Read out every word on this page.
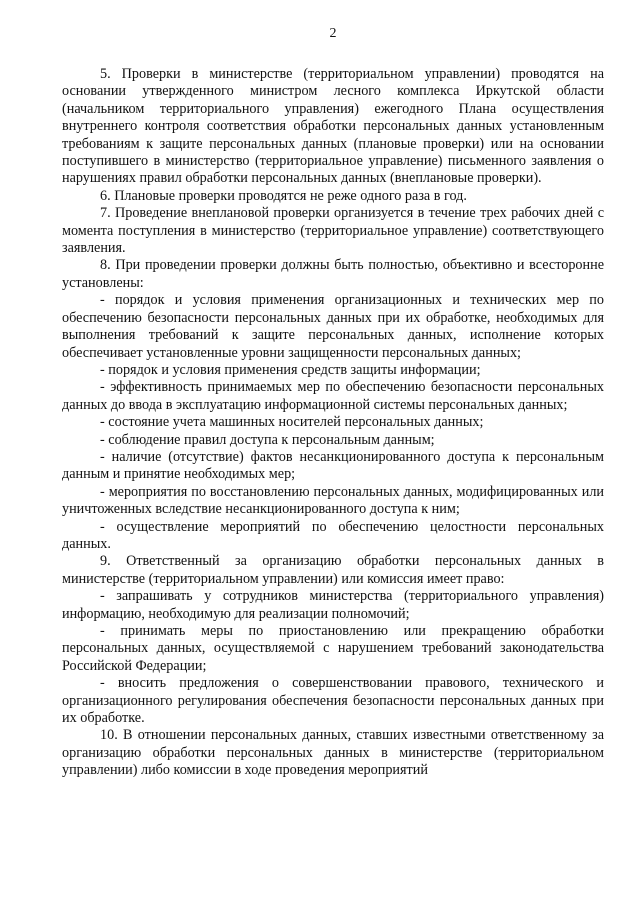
2

5. Проверки в министерстве (территориальном управлении) проводятся на основании утвержденного министром лесного комплекса Иркутской области (начальником территориального управления) ежегодного Плана осуществления внутреннего контроля соответствия обработки персональных данных установленным требованиям к защите персональных данных (плановые проверки) или на основании поступившего в министерство (территориальное управление) письменного заявления о нарушениях правил обработки персональных данных (внеплановые проверки).

6. Плановые проверки проводятся не реже одного раза в год.

7. Проведение внеплановой проверки организуется в течение трех рабочих дней с момента поступления в министерство (территориальное управление) соответствующего заявления.

8. При проведении проверки должны быть полностью, объективно и всесторонне установлены:

- порядок и условия применения организационных и технических мер по обеспечению безопасности персональных данных при их обработке, необходимых для выполнения требований к защите персональных данных, исполнение которых обеспечивает установленные уровни защищенности персональных данных;

- порядок и условия применения средств защиты информации;

- эффективность принимаемых мер по обеспечению безопасности персональных данных до ввода в эксплуатацию информационной системы персональных данных;

- состояние учета машинных носителей персональных данных;

- соблюдение правил доступа к персональным данным;

- наличие (отсутствие) фактов несанкционированного доступа к персональным данным и принятие необходимых мер;

- мероприятия по восстановлению персональных данных, модифицированных или уничтоженных вследствие несанкционированного доступа к ним;

- осуществление мероприятий по обеспечению целостности персональных данных.

9. Ответственный за организацию обработки персональных данных в министерстве (территориальном управлении) или комиссия имеет право:

- запрашивать у сотрудников министерства (территориального управления) информацию, необходимую для реализации полномочий;

- принимать меры по приостановлению или прекращению обработки персональных данных, осуществляемой с нарушением требований законодательства Российской Федерации;

- вносить предложения о совершенствовании правового, технического и организационного регулирования обеспечения безопасности персональных данных при их обработке.

10. В отношении персональных данных, ставших известными ответственному за организацию обработки персональных данных в министерстве (территориальном управлении) либо комиссии в ходе проведения мероприятий
